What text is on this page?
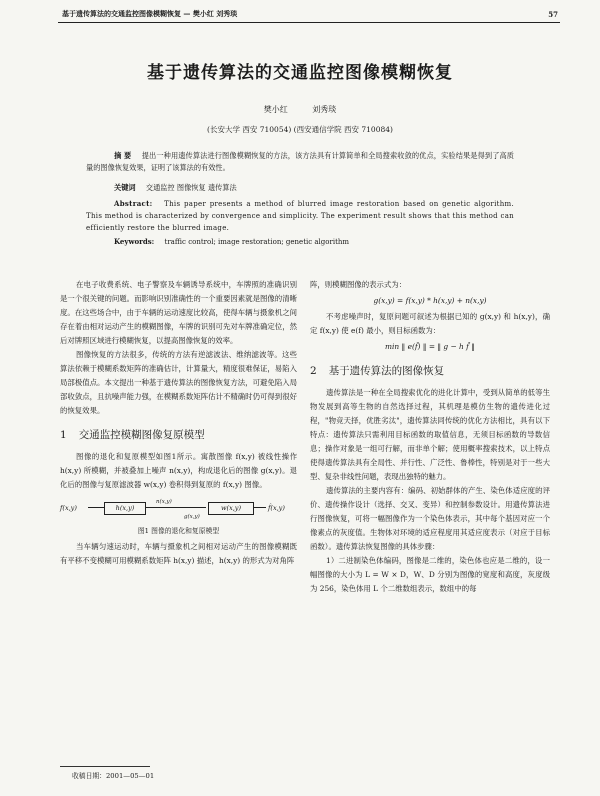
基于遗传算法的交通监控图像模糊恢复 — 樊小红 刘秀琰	57
基于遗传算法的交通监控图像模糊恢复
樊小红	刘秀琰
(长安大学 西安 710054) (西安通信学院 西安 710084)
摘 要 提出一种用遗传算法进行图像模糊恢复的方法，该方法具有计算简单和全局搜索收敛的优点，实验结果是得到了高质量的图像恢复效果，证明了该算法的有效性。
关键词 交通监控 图像恢复 遗传算法
Abstract: This paper presents a method of blurred image restoration based on genetic algorithm. This method is characterized by convergence and simplicity. The experiment result shows that this method can efficiently restore the blurred image.
Keywords: traffic control; image restoration; genetic algorithm

在电子收费系统、电子警察及车辆诱导系统中，车牌照的准确识别是一个很关键的问题。而影响识别准确性的一个重要因素就是图像的清晰度。在这些场合中，由于车辆的运动速度比较高，使得车辆与摄象机之间存在着由相对运动产生的模糊图像，车牌的识别可先对车牌准确定位，然后对牌照区域进行模糊恢复，以提高图像恢复的效率。

图像恢复的方法很多，传统的方法有逆滤波法、维纳滤波等。这些算法依赖于模糊系数矩阵的准确估计，计算量大，精度很难保证，易陷入局部极值点。本文提出一种基于遗传算法的图像恢复方法，可避免陷入局部收敛点，且抗噪声能力强，在模糊系数矩阵估计不精确时仍可得到很好的恢复效果。

1 交通监控模糊图像复原模型

图像的退化和复原模型如图1所示。寓散图像 f(x,y) 被线性操作 h(x,y) 所模糊，并被叠加上噪声 n(x,y)，构成退化后的图像 g(x,y)。退化后的图像与复原滤波器 w(x,y) 卷积得到复原的 f(x,y) 图像。

f(x,y)	h(x,y)
n(x,y)
g(x,y)
w(x,y)	f̂(x,y)
图1 图像的退化和复原模型

当车辆匀速运动时，车辆与摄象机之间相对运动产生的图像模糊既有平移不变模糊可用模糊系数矩阵 h(x,y) 描述，h(x,y) 的形式为对角阵

阵，则模糊图像的表示式为：

g(x,y) = f(x,y) * h(x,y) + n(x,y)

不考虑噪声时，复原问题可叙述为根据已知的 g(x,y) 和 h(x,y)，确定 f(x,y) 使 e(f) 最小，则目标函数为：

min ‖ e(f̂) ‖ = ‖ g − h f̂ ‖
2 基于遗传算法的图像恢复

遗传算法是一种在全局搜索优化的进化计算中，受到从简单的低等生物发展到高等生物的自然选择过程，其机理是模仿生物的遗传进化过程，"物竞天择，优胜劣汰"，遗传算法同传统的优化方法相比，具有以下特点：遗传算法只需利用目标函数的取值信息，无须目标函数的导数信息；操作对象是一组可行解，而非单个解；使用概率搜索技术，以上特点使得遗传算法具有全局性、并行性、广泛性、鲁棒性，特别是对于一些大型、复杂非线性问题，表现出独特的魅力。

遗传算法的主要内容有：编码、初始群体的产生、染色体适应度的评价、遗传操作设计（选择、交叉、变异）和控制参数设计。用遗传算法进行图像恢复，可将一幅图像作为一个染色体表示，其中每个基因对应一个像素点的灰度值。生物体对环境的适应程度用其适应度表示（对应于目标函数）。遗传算法恢复图像的具体步骤：

1）二进制染色体编码，图像是二维的，染色体也应是二维的，设一幅图像的大小为 L = W × D，W、D 分别为图像的宽度和高度，灰度级为 256，染色体用 L 个二维数组表示，数组中的每

收稿日期：2001—05—01
